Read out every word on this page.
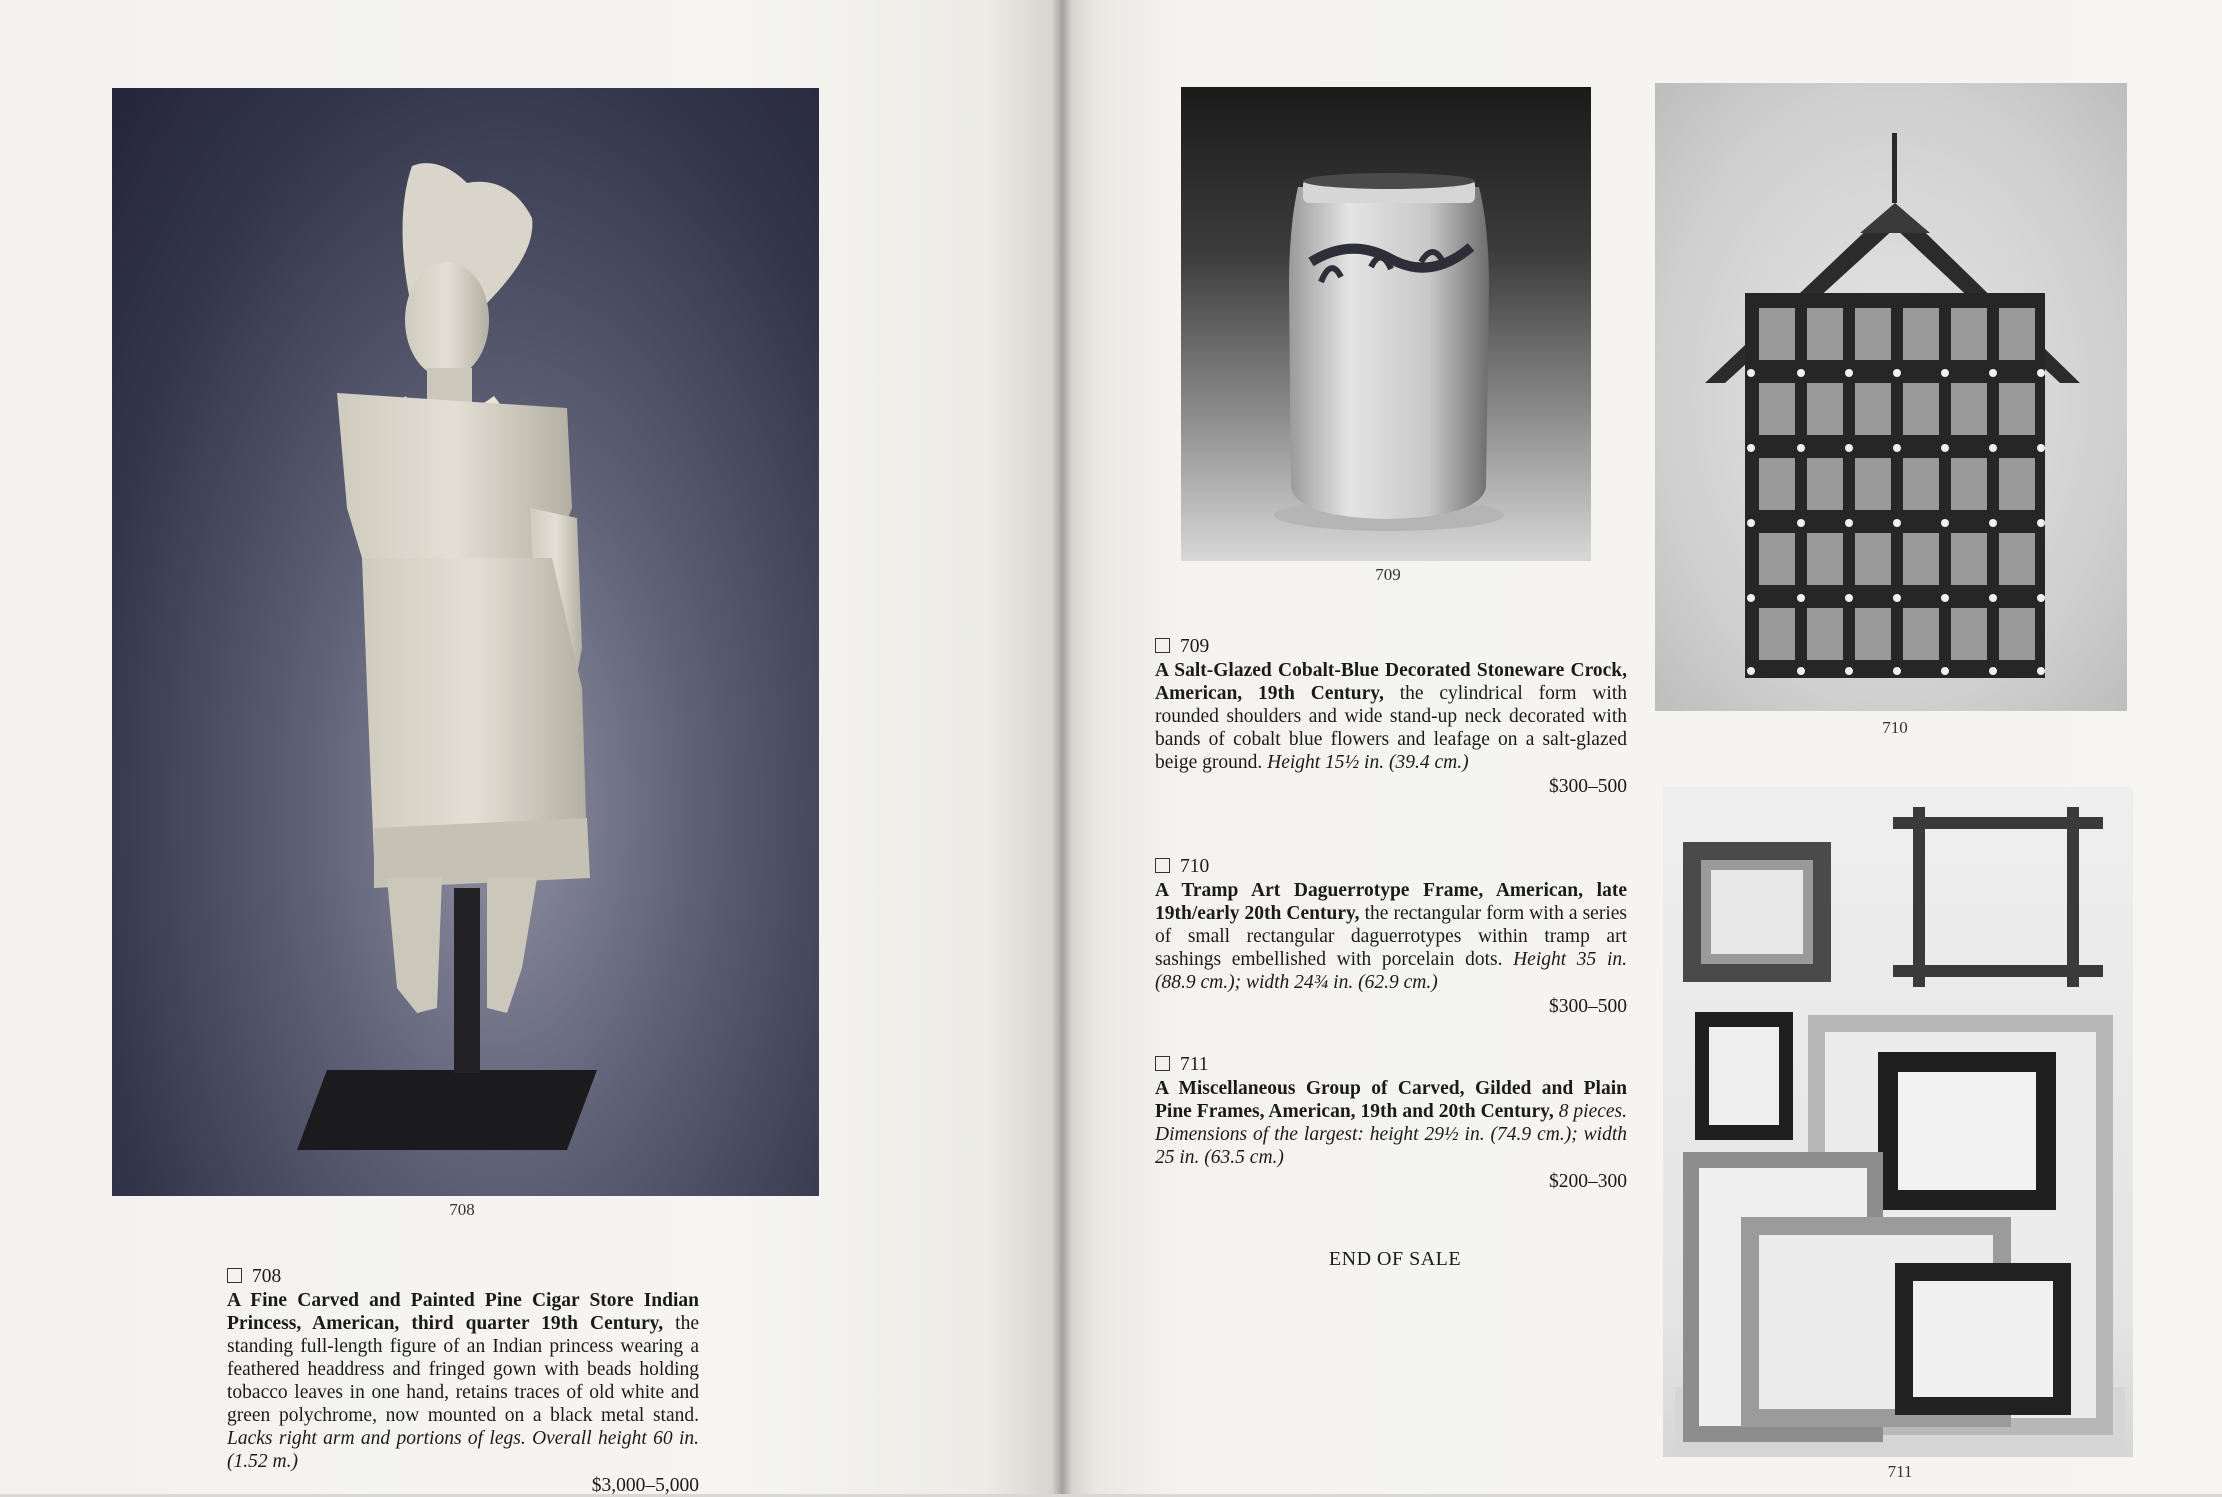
708
708
A Fine Carved and Painted Pine Cigar Store Indian Princess, American, third quarter 19th Century, the standing full-length figure of an Indian princess wearing a feathered headdress and fringed gown with beads holding tobacco leaves in one hand, retains traces of old white and green polychrome, now mounted on a black metal stand. Lacks right arm and portions of legs. Overall height 60 in. (1.52 m.)
$3,000–5,000
709
710
709
A Salt-Glazed Cobalt-Blue Decorated Stoneware Crock, American, 19th Century, the cylindrical form with rounded shoulders and wide stand-up neck decorated with bands of cobalt blue flowers and leafage on a salt-glazed beige ground. Height 15½ in. (39.4 cm.)
$300–500
710
A Tramp Art Daguerrotype Frame, American, late 19th/early 20th Century, the rectangular form with a series of small rectangular daguerrotypes within tramp art sashings embellished with porcelain dots. Height 35 in. (88.9 cm.); width 24¾ in. (62.9 cm.)
$300–500
711
A Miscellaneous Group of Carved, Gilded and Plain Pine Frames, American, 19th and 20th Century, 8 pieces. Dimensions of the largest: height 29½ in. (74.9 cm.); width 25 in. (63.5 cm.)
$200–300
END OF SALE
711
